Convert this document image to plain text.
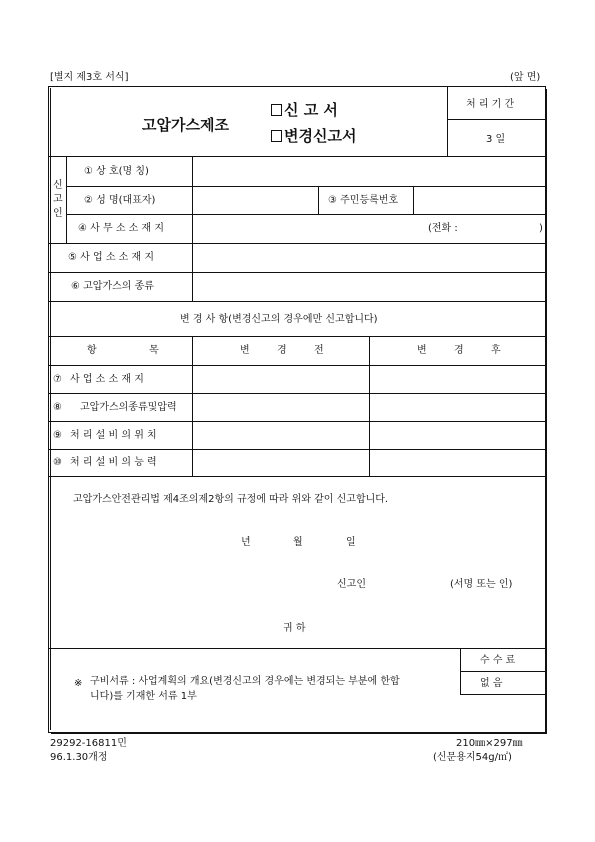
[별지 제3호 서식]	(앞 면)
고압가스제조
신 고 서
변경신고서
처 리 기 간
3 일
신
고
인
① 상 호(명 칭)
② 성 명(대표자)	③ 주민등록번호
④ 사 무 소 소 재 지	(전화 :	)
⑤ 사 업 소 소 재 지
⑥ 고압가스의 종류
변 경 사 항(변경신고의 경우에만 신고합니다)
항	목	변	경	전	변	경	후
⑦ 사 업 소 소 재 지
⑧ 고압가스의종류및압력
⑨ 처 리 설 비 의 위 치
⑩ 처 리 설 비 의 능 력
고압가스안전관리법 제4조의제2항의 규정에 따라 위와 같이 신고합니다.
년	월	일
신고인	(서명 또는 인)
귀 하
※ 구비서류 : 사업계획의 개요(변경신고의 경우에는 변경되는 부분에 한합
니다)를 기재한 서류 1부
수 수 료
없 음
29292-16811민
96.1.30개정
210㎜×297㎜
(신문용지54g/㎡)
